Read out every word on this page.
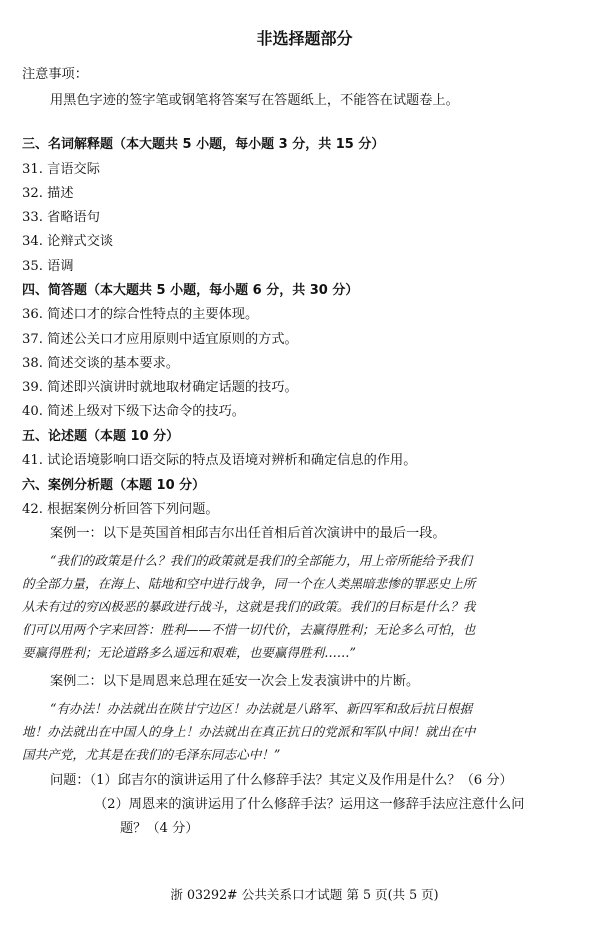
非选择题部分
注意事项：
用黑色字迹的签字笔或钢笔将答案写在答题纸上，不能答在试题卷上。
三、名词解释题（本大题共 5 小题，每小题 3 分，共 15 分）
31. 言语交际
32. 描述
33. 省略语句
34. 论辩式交谈
35. 语调
四、简答题（本大题共 5 小题，每小题 6 分，共 30 分）
36. 简述口才的综合性特点的主要体现。
37. 简述公关口才应用原则中适宜原则的方式。
38. 简述交谈的基本要求。
39. 简述即兴演讲时就地取材确定话题的技巧。
40. 简述上级对下级下达命令的技巧。
五、论述题（本题 10 分）
41. 试论语境影响口语交际的特点及语境对辨析和确定信息的作用。
六、案例分析题（本题 10 分）
42. 根据案例分析回答下列问题。
案例一：以下是英国首相邱吉尔出任首相后首次演讲中的最后一段。
“我们的政策是什么？我们的政策就是我们的全部能力，用上帝所能给予我们
的全部力量，在海上、陆地和空中进行战争，同一个在人类黑暗悲惨的罪恶史上所
从未有过的穷凶极恶的暴政进行战斗，这就是我们的政策。我们的目标是什么？我
们可以用两个字来回答：胜利——不惜一切代价，去赢得胜利；无论多么可怕，也
要赢得胜利；无论道路多么遥远和艰难，也要赢得胜利……”
案例二：以下是周恩来总理在延安一次会上发表演讲中的片断。
“有办法！办法就出在陕甘宁边区！办法就是八路军、新四军和敌后抗日根据
地！办法就出在中国人的身上！办法就出在真正抗日的党派和军队中间！就出在中
国共产党，尤其是在我们的毛泽东同志心中！”
问题：（1）邱吉尔的演讲运用了什么修辞手法？其定义及作用是什么？（6 分）
（2）周恩来的演讲运用了什么修辞手法？运用这一修辞手法应注意什么问
题？（4 分）
浙 03292# 公共关系口才试题 第 5 页(共 5 页)
